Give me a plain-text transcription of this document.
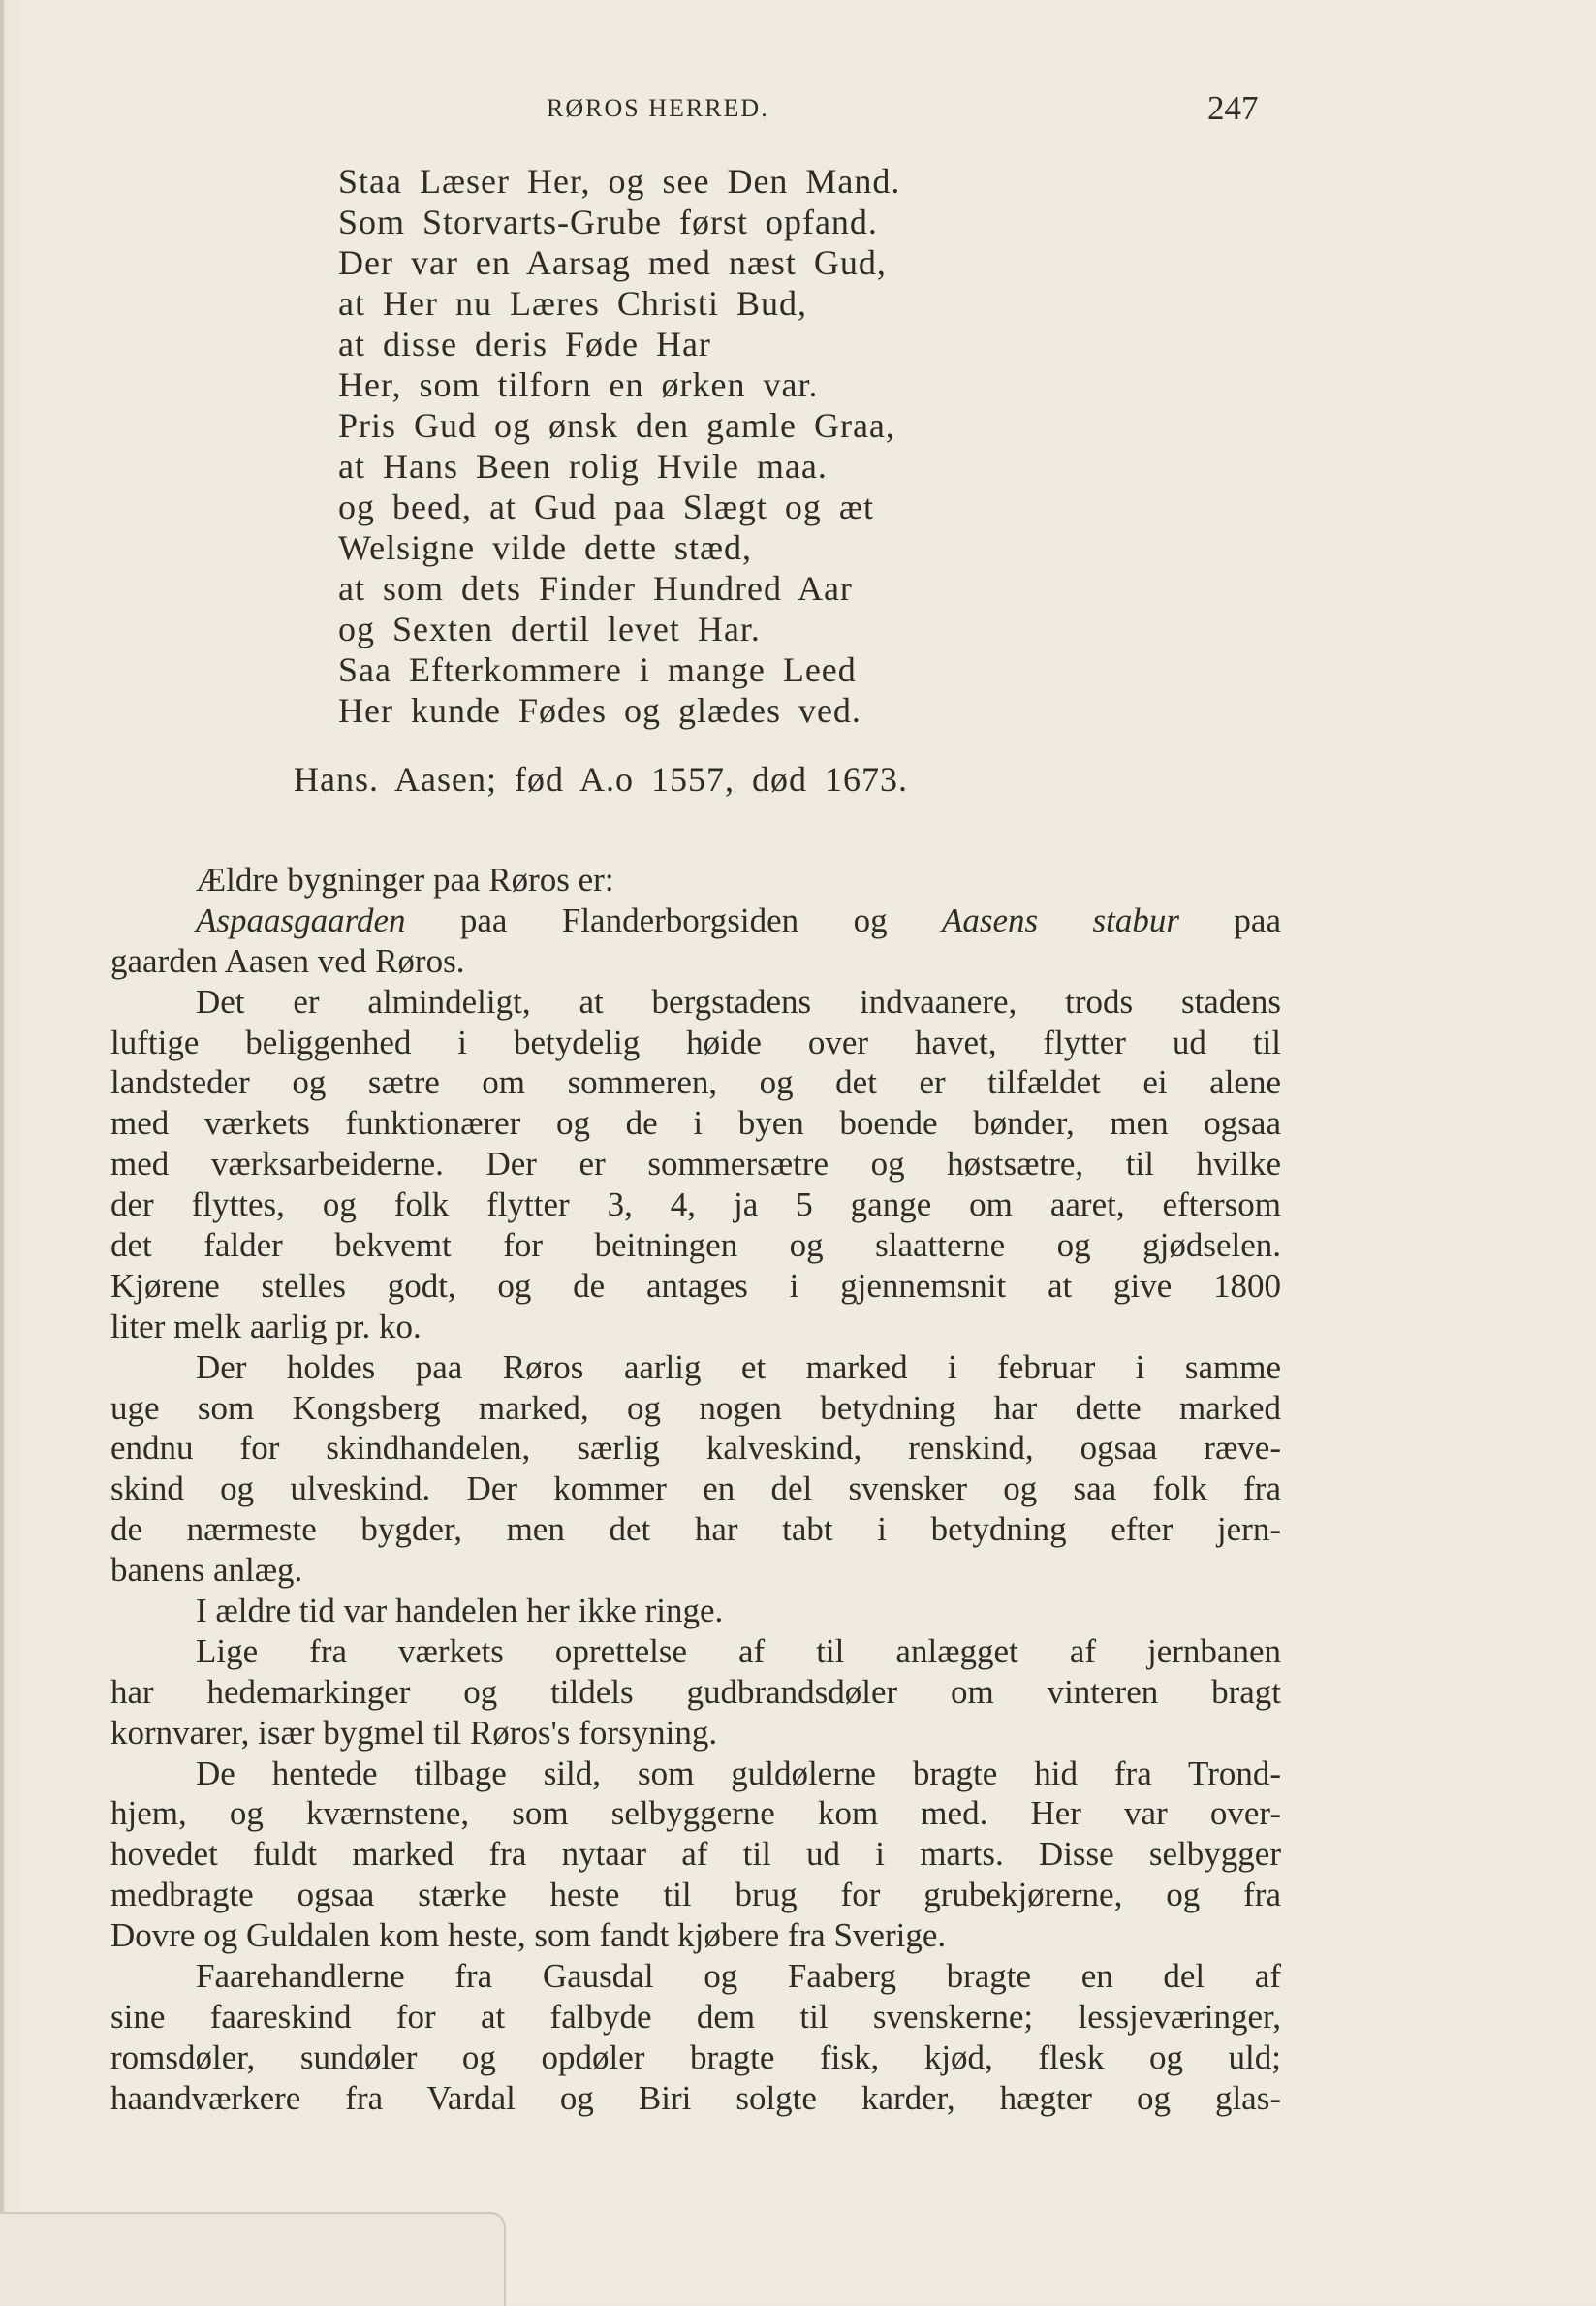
RØROS HERRED.	247
Staa Læser Her, og see Den Mand.
Som Storvarts-Grube først opfand.
Der var en Aarsag med næst Gud,
at Her nu Læres Christi Bud,
at disse deris Føde Har
Her, som tilforn en ørken var.
Pris Gud og ønsk den gamle Graa,
at Hans Been rolig Hvile maa.
og beed, at Gud paa Slægt og æt
Welsigne vilde dette stæd,
at som dets Finder Hundred Aar
og Sexten dertil levet Har.
Saa Efterkommere i mange Leed
Her kunde Fødes og glædes ved.
Hans. Aasen; fød A.o 1557, død 1673.
Ældre bygninger paa Røros er:
Aspaasgaarden paa Flanderborgsiden og Aasens stabur paa
gaarden Aasen ved Røros.
Det er almindeligt, at bergstadens indvaanere, trods stadens
luftige beliggenhed i betydelig høide over havet, flytter ud til
landsteder og sætre om sommeren, og det er tilfældet ei alene
med værkets funktionærer og de i byen boende bønder, men ogsaa
med værksarbeiderne. Der er sommersætre og høstsætre, til hvilke
der flyttes, og folk flytter 3, 4, ja 5 gange om aaret, eftersom
det falder bekvemt for beitningen og slaatterne og gjødselen.
Kjørene stelles godt, og de antages i gjennemsnit at give 1800
liter melk aarlig pr. ko.
Der holdes paa Røros aarlig et marked i februar i samme
uge som Kongsberg marked, og nogen betydning har dette marked
endnu for skindhandelen, særlig kalveskind, renskind, ogsaa ræve-
skind og ulveskind. Der kommer en del svensker og saa folk fra
de nærmeste bygder, men det har tabt i betydning efter jern-
banens anlæg.
I ældre tid var handelen her ikke ringe.
Lige fra værkets oprettelse af til anlægget af jernbanen
har hedemarkinger og tildels gudbrandsdøler om vinteren bragt
kornvarer, især bygmel til Røros's forsyning.
De hentede tilbage sild, som guldølerne bragte hid fra Trond-
hjem, og kværnstene, som selbyggerne kom med. Her var over-
hovedet fuldt marked fra nytaar af til ud i marts. Disse selbygger
medbragte ogsaa stærke heste til brug for grubekjørerne, og fra
Dovre og Guldalen kom heste, som fandt kjøbere fra Sverige.
Faarehandlerne fra Gausdal og Faaberg bragte en del af
sine faareskind for at falbyde dem til svenskerne; lessjeværinger,
romsdøler, sundøler og opdøler bragte fisk, kjød, flesk og uld;
haandværkere fra Vardal og Biri solgte karder, hægter og glas-
